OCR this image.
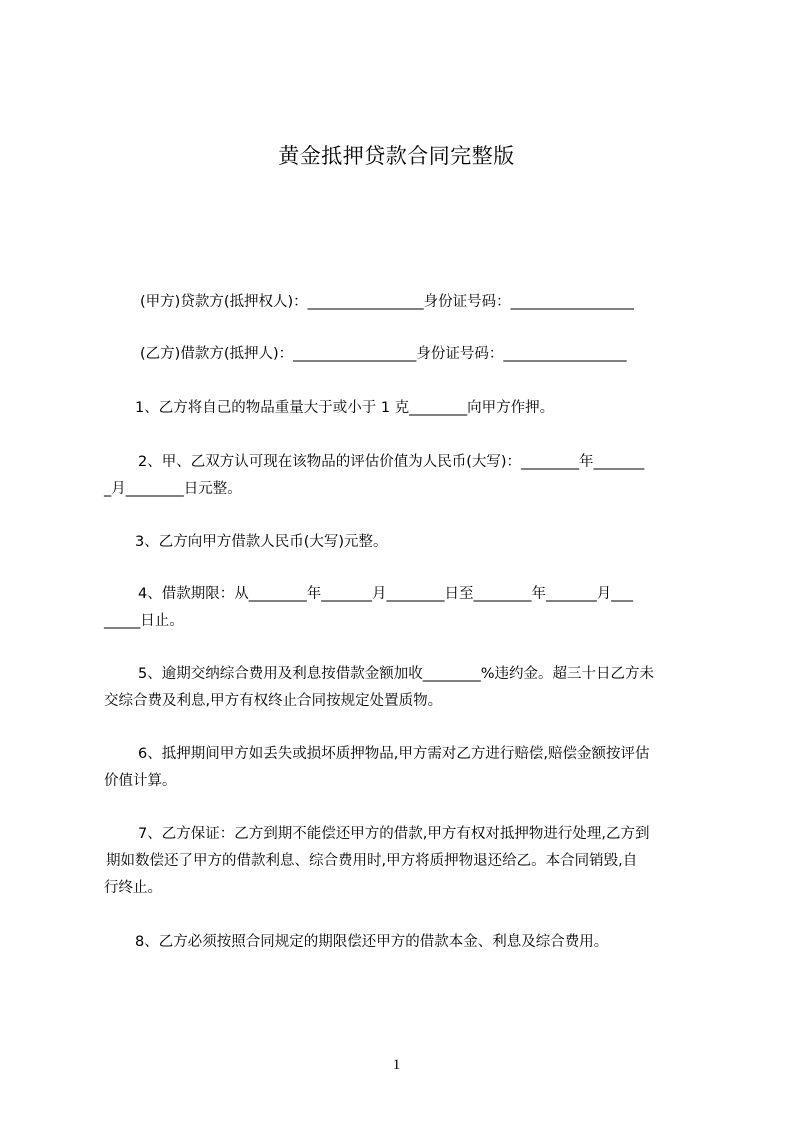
黄金抵押贷款合同完整版
(甲方)贷款方(抵押权人)：________________身份证号码：_________________
(乙方)借款方(抵押人)：_________________身份证号码：_________________
1、乙方将自己的物品重量大于或小于 1 克________向甲方作押。
2、甲、乙双方认可现在该物品的评估价值为人民币(大写)：________年_______
_月________日元整。
3、乙方向甲方借款人民币(大写)元整。
4、借款期限：从________年_______月________日至________年_______月___
_____日止。
5、逾期交纳综合费用及利息按借款金额加收________%违约金。超三十日乙方未
交综合费及利息,甲方有权终止合同按规定处置质物。
6、抵押期间甲方如丢失或损坏质押物品,甲方需对乙方进行赔偿,赔偿金额按评估
价值计算。
7、乙方保证：乙方到期不能偿还甲方的借款,甲方有权对抵押物进行处理,乙方到
期如数偿还了甲方的借款利息、综合费用时,甲方将质押物退还给乙。本合同销毁,自
行终止。
8、乙方必须按照合同规定的期限偿还甲方的借款本金、利息及综合费用。
1
